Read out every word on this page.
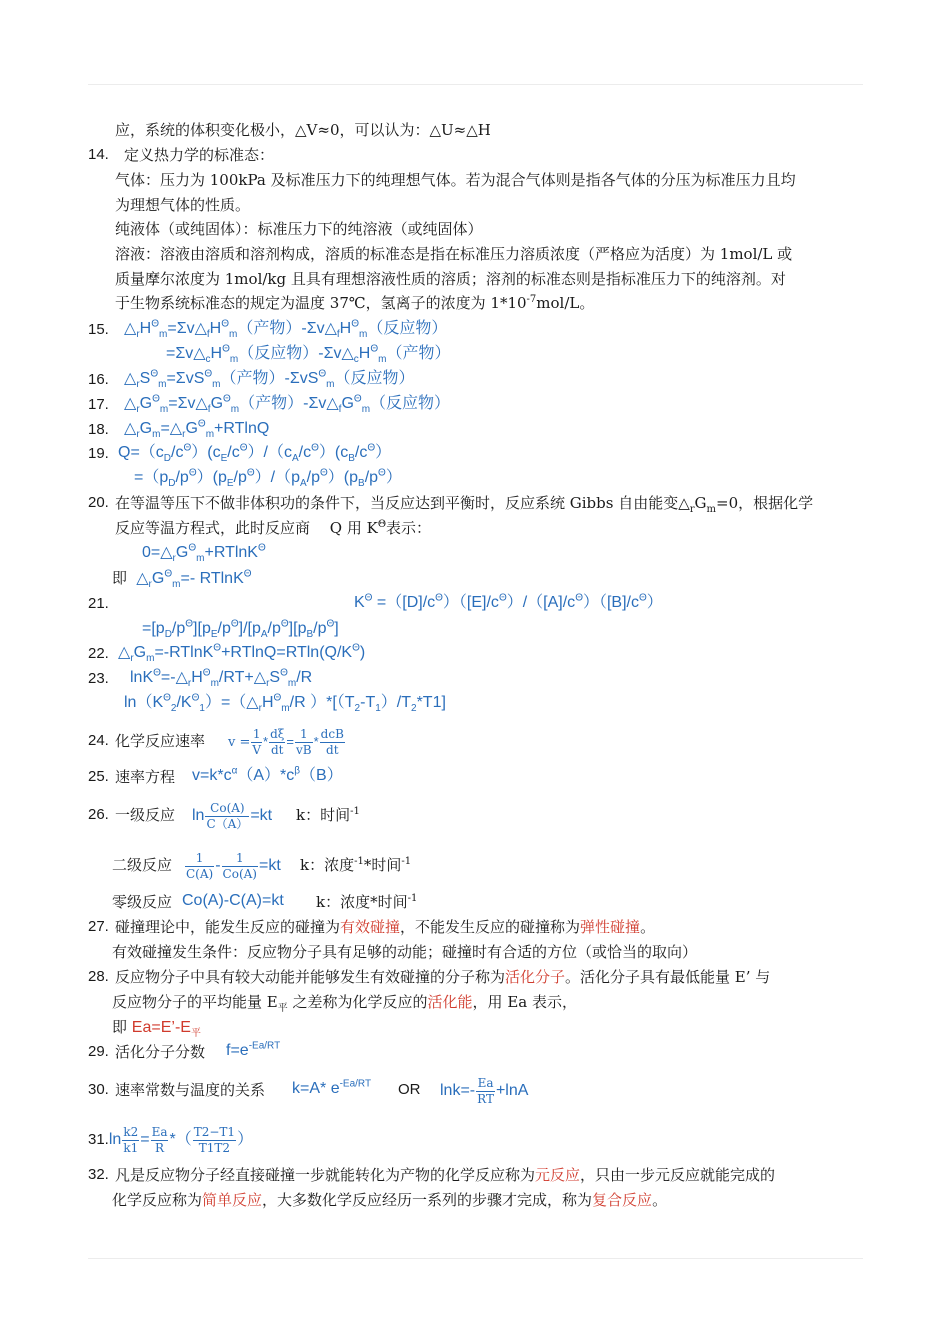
应，系统的体积变化极小，△V≈0，可以认为：△U≈△H
14. 定义热力学的标准态：
气体：压力为 100kPa 及标准压力下的纯理想气体。若为混合气体则是指各气体的分压为标准压力且均
为理想气体的性质。
纯液体（或纯固体）：标准压力下的纯溶液（或纯固体）
溶液：溶液由溶质和溶剂构成，溶质的标准态是指在标准压力溶质浓度（严格应为活度）为 1mol/L 或
质量摩尔浓度为 1mol/kg 且具有理想溶液性质的溶质；溶剂的标准态则是指标准压力下的纯溶剂。对
于生物系统标准态的规定为温度 37℃，氢离子的浓度为 $1*10^{-7}mol/L$。
15. $\triangle_rH^\Theta_m=\Sigma v\triangle_fH^\Theta_m$（产物）$-\Sigma v\triangle_fH^\Theta_m$（反应物）
$=\Sigma v\triangle_cH^\Theta_m$（反应物）$-\Sigma v\triangle_cH^\Theta_m$（产物）
16. $\triangle_rS^\Theta_m=\Sigma vS^\Theta_m$（产物）-ΣvS$^\Theta_m$（反应物）
17. $\triangle_rG^\Theta_m=\Sigma v\triangle_fG^\Theta_m$（产物）$-\Sigma v\triangle_fG^\Theta_m$（反应物）
18. $\triangle_rG_m=\triangle_rG^\Theta_m+RTlnQ$
19. $Q=(c_D/c^\Theta)(c_E/c^\Theta)/(c_A/c^\Theta)(c_B/c^\Theta)$
$=(p_D/p^\Theta)(p_E/p^\Theta)/(p_A/p^\Theta)(p_B/p^\Theta)$
20. 在等温等压下不做非体积功的条件下，当反应达到平衡时，反应系统 Gibbs 自由能变$\triangle_rG_m=0$，根据化学
反应等温方程式，此时反应商　 Q 用 $K^\Theta$表示：
$0=\triangle_rG^\Theta_m+RTlnK^\Theta$
即  $\triangle_rG^\Theta_m=-$ RTlnK$^\Theta$
21.	$K^\Theta =([D]/c^\Theta)([E]/c^\Theta)/([A]/c^\Theta)([B]/c^\Theta)$
$=[p_D/p^\Theta][p_E/p^\Theta]/[p_A/p^\Theta][p_B/p^\Theta]$
22. $\triangle_rG_m=-RTlnK^\Theta+RTlnQ=RTln(Q/K^\Theta)$
23. $\ln K^\Theta=-\triangle_rH^\Theta_m/RT+\triangle_rS^\Theta_m/R$
$\ln(K^\Theta_2/K^\Theta_1)=(\triangle_rH^\Theta_m/R$ ）$*[(T_2-T_1)/T_2*T1]$
24. 化学反应速率 $v = \frac{1}{V} * \frac{d\xi}{dt} = \frac{1}{vB} * \frac{\text{dcB}}{dt}$
25. 速率方程 $v=k*c^\alpha(A)*c^\beta(B)$
26. 一级反应 $\ln \frac{Co(A)}{C(A)} =kt$ k：时间$^{-1}$
二级反应 $\frac{1}{C(A)} - \frac{1}{Co(A)} =kt$ k：浓度$^{-1}$*时间$^{-1}$
零级反应 Co(A)-C(A)=kt k：浓度*时间$^{-1}$
27. 碰撞理论中，能发生反应的碰撞为有效碰撞，不能发生反应的碰撞称为弹性碰撞。
有效碰撞发生条件：反应物分子具有足够的动能；碰撞时有合适的方位（或恰当的取向）
28. 反应物分子中具有较大动能并能够发生有效碰撞的分子称为活化分子。活化分子具有最低能量 E’ 与
反应物分子的平均能量 $E_平$ 之差称为化学反应的活化能，用 Ea 表示，
即 $Ea=E’-E_平$
29. 活化分子分数 $f=e^{-Ea/RT}$
30. 速率常数与温度的关系 k=A* $e^{-Ea/RT}$ OR $\ln k=- \frac{Ea}{RT} +\ln A$
$31.\ln \frac{k2}{k1} = \frac{Ea}{R}$ *（ $\frac{T2-T1}{T1T2}$ ）
32. 凡是反应物分子经直接碰撞一步就能转化为产物的化学反应称为元反应，只由一步元反应就能完成的
化学反应称为简单反应，大多数化学反应经历一系列的步骤才完成，称为复合反应。
